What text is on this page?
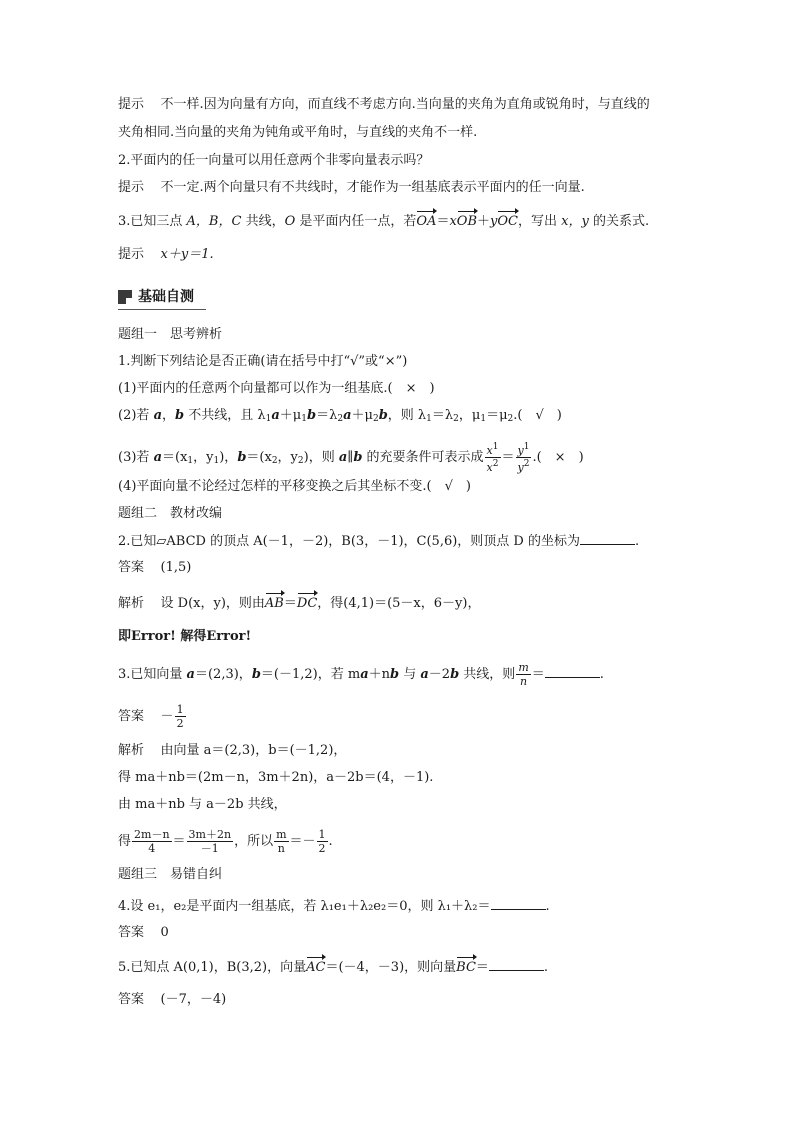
提示 不一样.因为向量有方向，而直线不考虑方向.当向量的夹角为直角或锐角时，与直线的
夹角相同.当向量的夹角为钝角或平角时，与直线的夹角不一样.
2.平面内的任一向量可以用任意两个非零向量表示吗？
提示 不一定.两个向量只有不共线时，才能作为一组基底表示平面内的任一向量.
3.已知三点 A，B，C 共线，O 是平面内任一点，若OA＝xOB＋yOC，写出 x，y 的关系式.
提示 x＋y＝1.
基础自测
题组一　思考辨析
1.判断下列结论是否正确(请在括号中打“√”或“×”)
(1)平面内的任意两个向量都可以作为一组基底.(　×　)
(2)若 a，b 不共线，且 $\lambda_1a+\mu_1b=\lambda_2a+\mu_2b$，则 $\lambda_1=\lambda_2$，$\mu_1=\mu_2$.(　√　)
(3)若 $a=(x_1$，$y_1$)，$b=(x_2$，$y_2$)，则 a∥b 的充要条件可表示成 $\frac{x^1}{x^2} = \frac{y^1}{y^2}$ .(　×　)
(4)平面向量不论经过怎样的平移变换之后其坐标不变.(　√　)
题组二　教材改编
2.已知▱ABCD 的顶点 A(－1，－2)，B(3，－1)，C(5,6)，则顶点 D 的坐标为	.
答案 (1,5)
解析 设 D(x，y)，则由AB＝DC，得(4,1)＝(5－x，6－y)，
即Error! 解得Error!
3.已知向量 a＝(2,3)，b＝(－1,2)，若 ma＋nb 与 a－2b 共线，则 $\frac{m}{n}$ ＝	.
答案 － $\frac{1}{2}$
解析 由向量 a＝(2,3)，b＝(－1,2)，
得 ma＋nb＝(2m－n，3m＋2n)，a－2b＝(4，－1).
由 ma＋nb 与 a－2b 共线，
得 $\frac{2m-n}{4} = \frac{3m+2n}{-1}$ ，所以 $\frac{m}{n} =- \frac{1}{2}$ .
题组三　易错自纠
4.设 e₁，e₂是平面内一组基底，若 λ₁e₁＋λ₂e₂＝0，则 λ₁＋λ₂＝	.
答案 0
5.已知点 A(0,1)，B(3,2)，向量AC＝(－4，－3)，则向量BC＝	.
答案 (－7，－4)
